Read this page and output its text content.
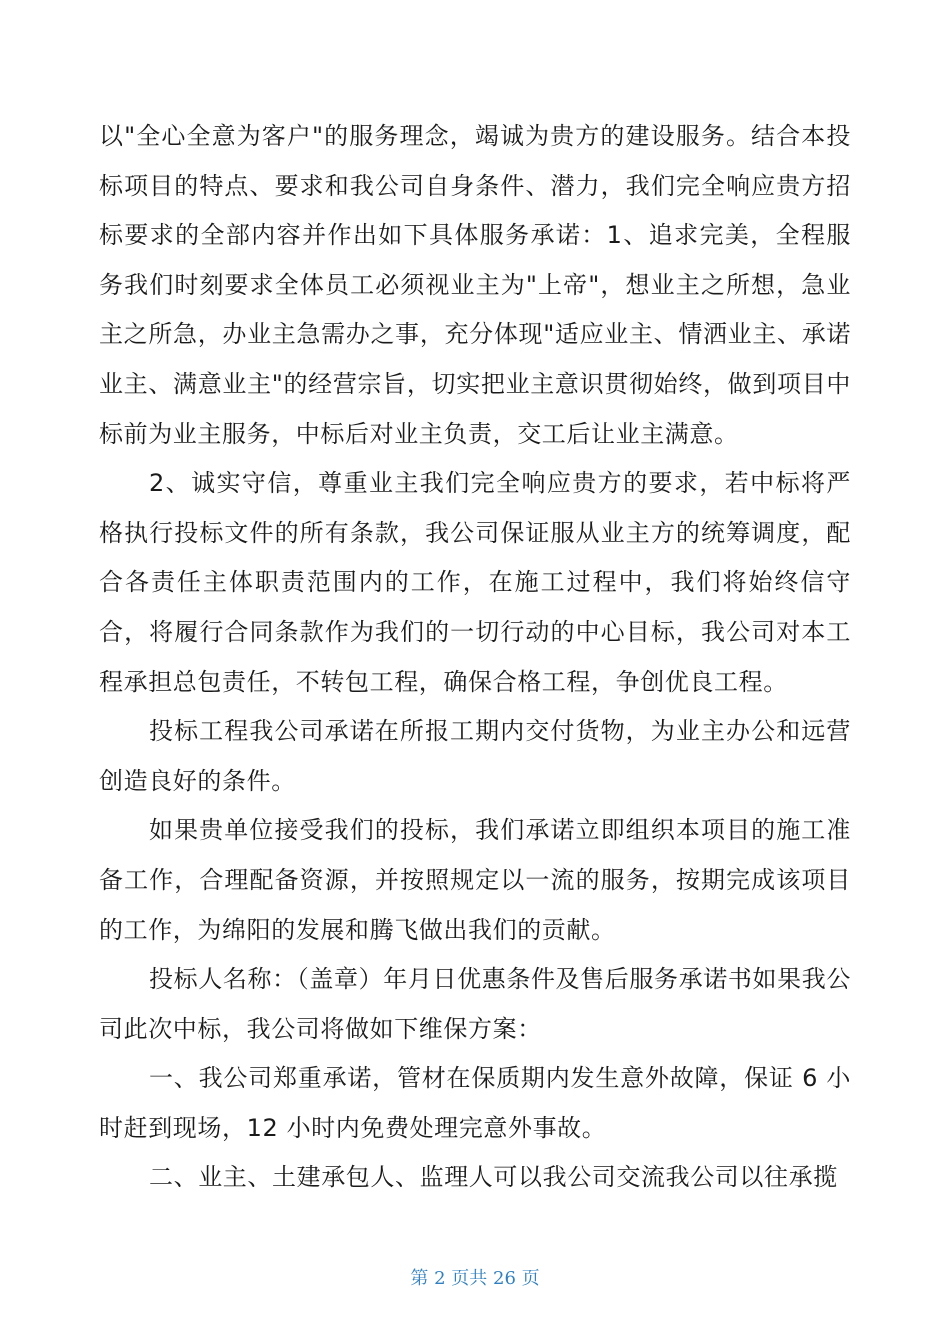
以"全心全意为客户"的服务理念，竭诚为贵方的建设服务。结合本投标项目的特点、要求和我公司自身条件、潜力，我们完全响应贵方招标要求的全部内容并作出如下具体服务承诺：1、追求完美，全程服务我们时刻要求全体员工必须视业主为"上帝"，想业主之所想，急业主之所急，办业主急需办之事，充分体现"适应业主、情洒业主、承诺业主、满意业主"的经营宗旨，切实把业主意识贯彻始终，做到项目中标前为业主服务，中标后对业主负责，交工后让业主满意。

2、诚实守信，尊重业主我们完全响应贵方的要求，若中标将严格执行投标文件的所有条款，我公司保证服从业主方的统筹调度，配合各责任主体职责范围内的工作，在施工过程中，我们将始终信守合，将履行合同条款作为我们的一切行动的中心目标，我公司对本工程承担总包责任，不转包工程，确保合格工程，争创优良工程。

投标工程我公司承诺在所报工期内交付货物，为业主办公和远营创造良好的条件。

如果贵单位接受我们的投标，我们承诺立即组织本项目的施工准备工作，合理配备资源，并按照规定以一流的服务，按期完成该项目的工作，为绵阳的发展和腾飞做出我们的贡献。

投标人名称：（盖章）年月日优惠条件及售后服务承诺书如果我公司此次中标，我公司将做如下维保方案：

一、我公司郑重承诺，管材在保质期内发生意外故障，保证 6 小时赶到现场，12 小时内免费处理完意外事故。

二、业主、土建承包人、监理人可以我公司交流我公司以往承揽

第 2 页共 26 页
